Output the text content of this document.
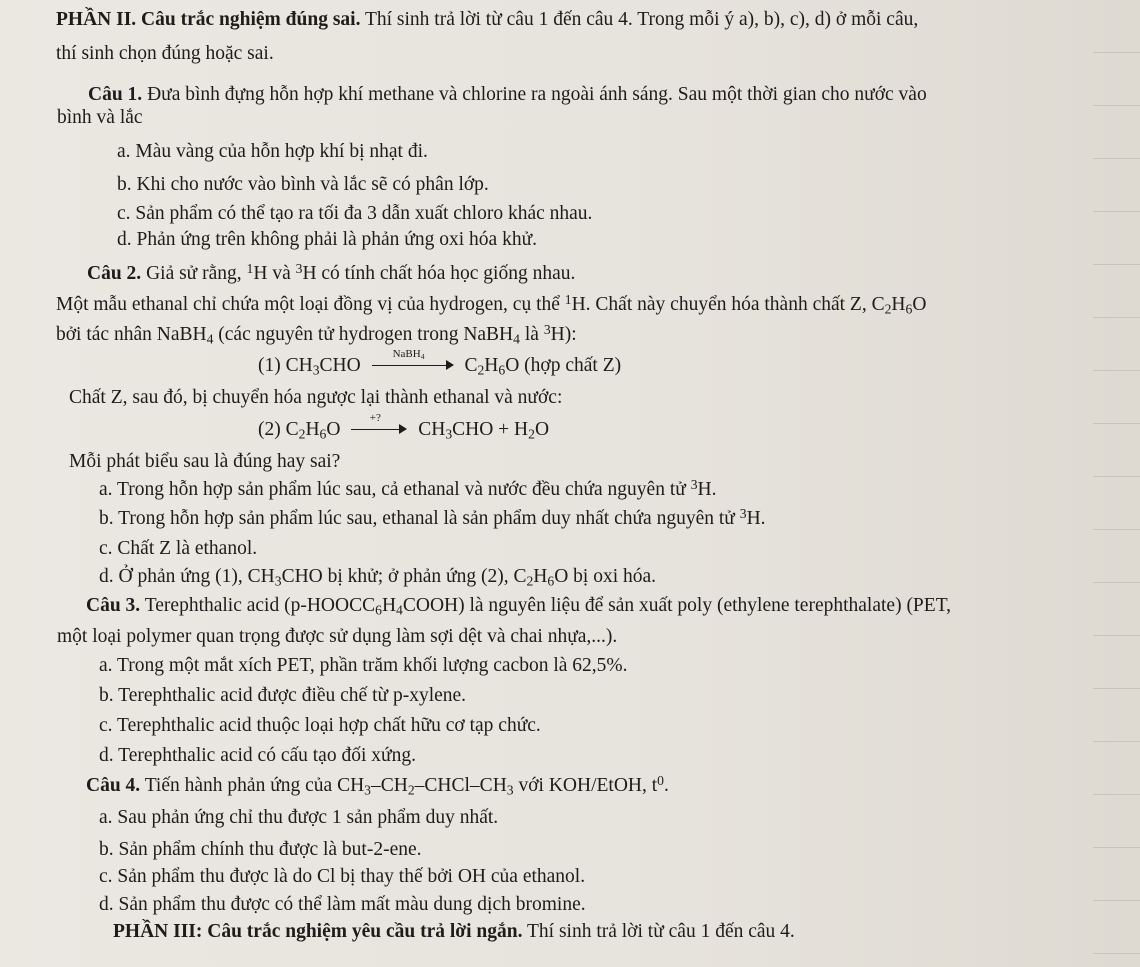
PHẦN II. Câu trắc nghiệm đúng sai. Thí sinh trả lời từ câu 1 đến câu 4. Trong mỗi ý a), b), c), d) ở mỗi câu,
thí sinh chọn đúng hoặc sai.
Câu 1. Đưa bình đựng hỗn hợp khí methane và chlorine ra ngoài ánh sáng. Sau một thời gian cho nước vào
bình và lắc
a. Màu vàng của hỗn hợp khí bị nhạt đi.
b. Khi cho nước vào bình và lắc sẽ có phân lớp.
c. Sản phẩm có thể tạo ra tối đa 3 dẫn xuất chloro khác nhau.
d. Phản ứng trên không phải là phản ứng oxi hóa khử.
Câu 2. Giả sử rằng, $^1$H và $^3$H có tính chất hóa học giống nhau.
Một mẫu ethanal chỉ chứa một loại đồng vị của hydrogen, cụ thể $^1$H. Chất này chuyển hóa thành chất Z, $C_2H_6O$
bởi tác nhân NaBH$_4$ (các nguyên tử hydrogen trong NaBH$_4$ là $^3$H):
(1) $CH_3CHO$
NaBH$_4$	$C_2H_6O$ (hợp chất Z)
Chất Z, sau đó, bị chuyển hóa ngược lại thành ethanal và nước:
(2) $C_2H_6O$
+?
$CH_3CHO + H_2O$
Mỗi phát biểu sau là đúng hay sai?
a. Trong hỗn hợp sản phẩm lúc sau, cả ethanal và nước đều chứa nguyên tử $^3$H.
b. Trong hỗn hợp sản phẩm lúc sau, ethanal là sản phẩm duy nhất chứa nguyên tử $^3$H.
c. Chất Z là ethanol.
d. Ở phản ứng (1), $CH_3CHO$ bị khử; ở phản ứng (2), $C_2H_6O$ bị oxi hóa.
Câu 3. Terephthalic acid $(p-HOOCC_6H_4COOH)$ là nguyên liệu để sản xuất poly (ethylene terephthalate) (PET,
một loại polymer quan trọng được sử dụng làm sợi dệt và chai nhựa,...).
a. Trong một mắt xích PET, phần trăm khối lượng cacbon là 62,5%.
b. Terephthalic acid được điều chế từ p-xylene.
c. Terephthalic acid thuộc loại hợp chất hữu cơ tạp chức.
d. Terephthalic acid có cấu tạo đối xứng.
Câu 4. Tiến hành phản ứng của $CH_3-CH_2-CHCl-CH_3$ với KOH/EtOH, $t^0$.
a. Sau phản ứng chỉ thu được 1 sản phẩm duy nhất.
b. Sản phẩm chính thu được là but-2-ene.
c. Sản phẩm thu được là do Cl bị thay thế bởi OH của ethanol.
d. Sản phẩm thu được có thể làm mất màu dung dịch bromine.
PHẦN III: Câu trắc nghiệm yêu cầu trả lời ngắn. Thí sinh trả lời từ câu 1 đến câu 4.
